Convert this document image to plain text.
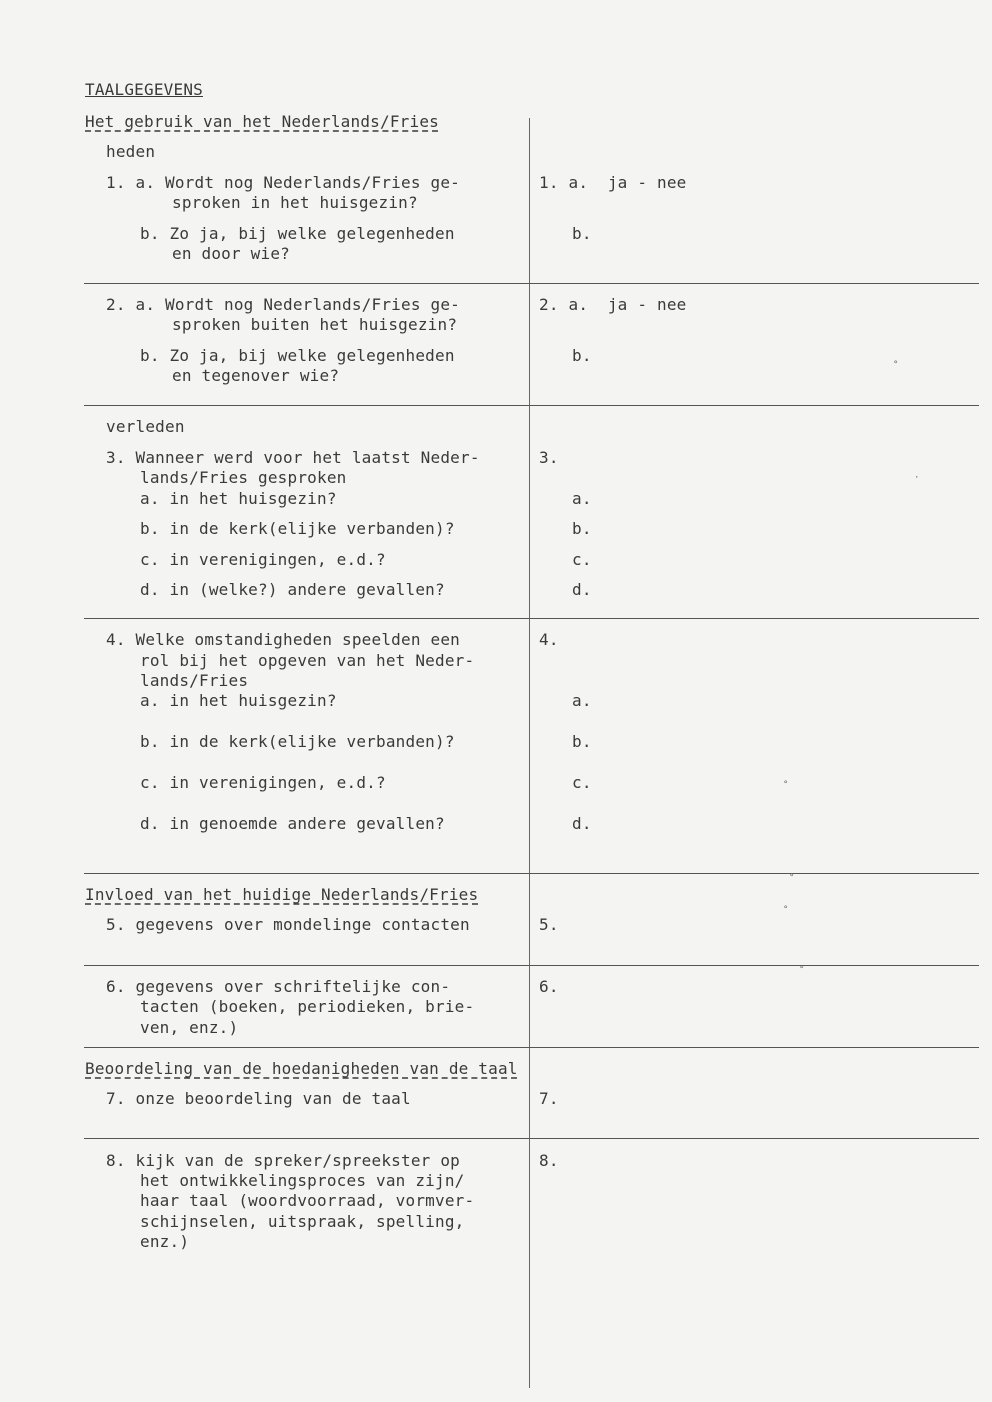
TAALGEGEVENS
Het gebruik van het Nederlands/Fries
heden
1. a. Wordt nog Nederlands/Fries ge-
sproken in het huisgezin?
b. Zo ja, bij welke gelegenheden
en door wie?
1. a.  ja - nee
b.
2. a. Wordt nog Nederlands/Fries ge-
sproken buiten het huisgezin?
b. Zo ja, bij welke gelegenheden
en tegenover wie?
2. a.  ja - nee
b.
verleden
3. Wanneer werd voor het laatst Neder-
lands/Fries gesproken
a. in het huisgezin?
b. in de kerk(elijke verbanden)?
c. in verenigingen, e.d.?
d. in (welke?) andere gevallen?
3.
a.
b.
c.
d.
4. Welke omstandigheden speelden een
rol bij het opgeven van het Neder-
lands/Fries
a. in het huisgezin?
b. in de kerk(elijke verbanden)?
c. in verenigingen, e.d.?
d. in genoemde andere gevallen?
4.
a.
b.
c.
d.
Invloed van het huidige Nederlands/Fries
5. gegevens over mondelinge contacten	5.
6. gegevens over schriftelijke con-
tacten (boeken, periodieken, brie-
ven, enz.)
6.
Beoordeling van de hoedanigheden van de taal
7. onze beoordeling van de taal	7.
8. kijk van de spreker/spreekster op
het ontwikkelingsproces van zijn/
haar taal (woordvoorraad, vormver-
schijnselen, uitspraak, spelling,
enz.)
8.
°
·
°
°
°
°
